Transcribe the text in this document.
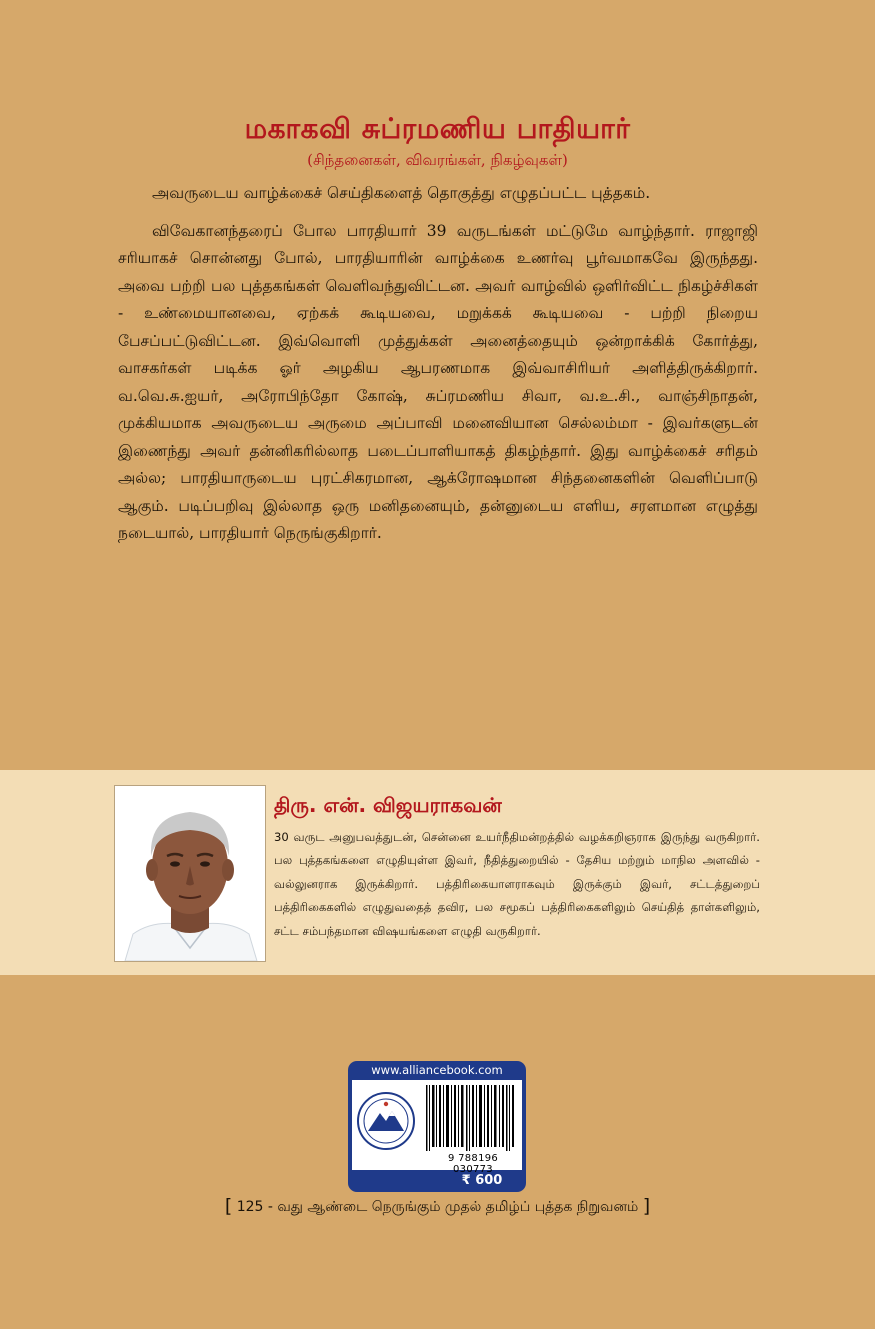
மகாகவி சுப்ரமணிய பாதியார்
(சிந்தனைகள், விவரங்கள், நிகழ்வுகள்)

அவருடைய வாழ்க்கைச் செய்திகளைத் தொகுத்து எழுதப்பட்ட புத்தகம்.

விவேகானந்தரைப் போல பாரதியார் 39 வருடங்கள் மட்டுமே வாழ்ந்தார். ராஜாஜி சரியாகச் சொன்னது போல், பாரதியாரின் வாழ்க்கை உணர்வு பூர்வமாகவே இருந்தது. அவை பற்றி பல புத்தகங்கள் வெளிவந்துவிட்டன. அவர் வாழ்வில் ஒளிர்விட்ட நிகழ்ச்சிகள் - உண்மையானவை, ஏற்கக் கூடியவை, மறுக்கக் கூடியவை - பற்றி நிறைய பேசப்பட்டுவிட்டன. இவ்வொளி முத்துக்கள் அனைத்தையும் ஒன்றாக்கிக் கோர்த்து, வாசகர்கள் படிக்க ஓர் அழகிய ஆபரணமாக இவ்வாசிரியர் அளித்திருக்கிறார். வ.வெ.சு.ஐயர், அரோபிந்தோ கோஷ், சுப்ரமணிய சிவா, வ.உ.சி., வாஞ்சிநாதன், முக்கியமாக அவருடைய அருமை அப்பாவி மனைவியான செல்லம்மா - இவர்களுடன் இணைந்து அவர் தன்னிகரில்லாத படைப்பாளியாகத் திகழ்ந்தார். இது வாழ்க்கைச் சரிதம் அல்ல; பாரதியாருடைய புரட்சிகரமான, ஆக்ரோஷமான சிந்தனைகளின் வெளிப்பாடு ஆகும். படிப்பறிவு இல்லாத ஒரு மனிதனையும், தன்னுடைய எளிய, சரளமான எழுத்து நடையால், பாரதியார் நெருங்குகிறார்.

திரு. என். விஜயராகவன்
30 வருட அனுபவத்துடன், சென்னை உயர்நீதிமன்றத்தில் வழக்கறிஞராக இருந்து வருகிறார். பல புத்தகங்களை எழுதியுள்ள இவர், நீதித்துறையில் - தேசிய மற்றும் மாநில அளவில் - வல்லுனராக இருக்கிறார். பத்திரிகையாளராகவும் இருக்கும் இவர், சட்டத்துறைப் பத்திரிகைகளில் எழுதுவதைத் தவிர, பல சமூகப் பத்திரிகைகளிலும் செய்தித் தாள்களிலும், சட்ட சம்பந்தமான விஷயங்களை எழுதி வருகிறார்.
www.alliancebook.com
9 788196 030773
₹ 600
[ 125 - வது ஆண்டை நெருங்கும் முதல் தமிழ்ப் புத்தக நிறுவனம் ]
